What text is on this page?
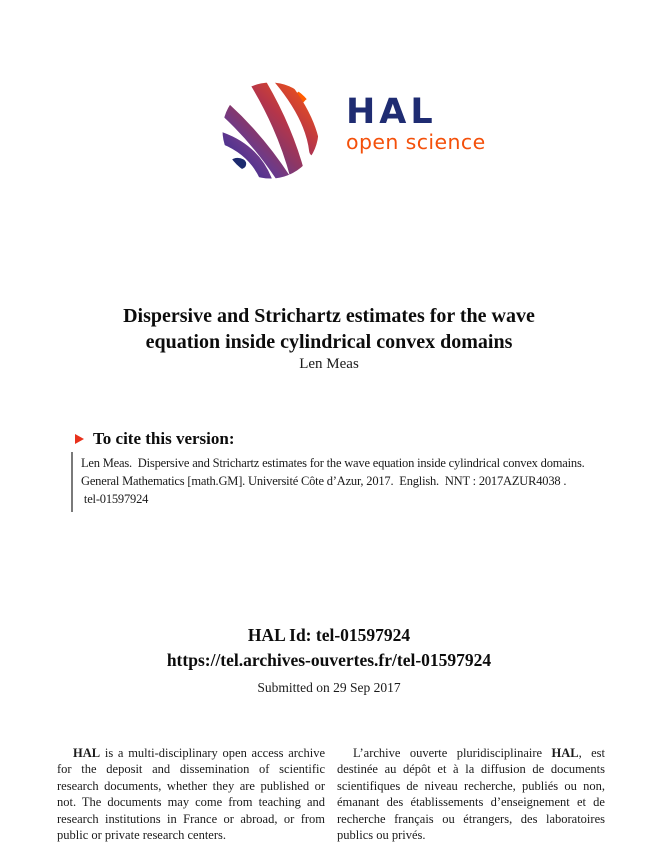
HAL
open science
Dispersive and Strichartz estimates for the wave
equation inside cylindrical convex domains
Len Meas
To cite this version:
Len Meas.  Dispersive and Strichartz estimates for the wave equation inside cylindrical convex domains.
General Mathematics [math.GM]. Université Côte d’Azur, 2017.  English.  NNT : 2017AZUR4038 .
tel-01597924
HAL Id: tel-01597924
https://tel.archives-ouvertes.fr/tel-01597924
Submitted on 29 Sep 2017

HAL is a multi-disciplinary open access archive for the deposit and dissemination of scientific research documents, whether they are published or not. The documents may come from teaching and research institutions in France or abroad, or from public or private research centers.

L’archive ouverte pluridisciplinaire HAL, est destinée au dépôt et à la diffusion de documents scientifiques de niveau recherche, publiés ou non, émanant des établissements d’enseignement et de recherche français ou étrangers, des laboratoires publics ou privés.
